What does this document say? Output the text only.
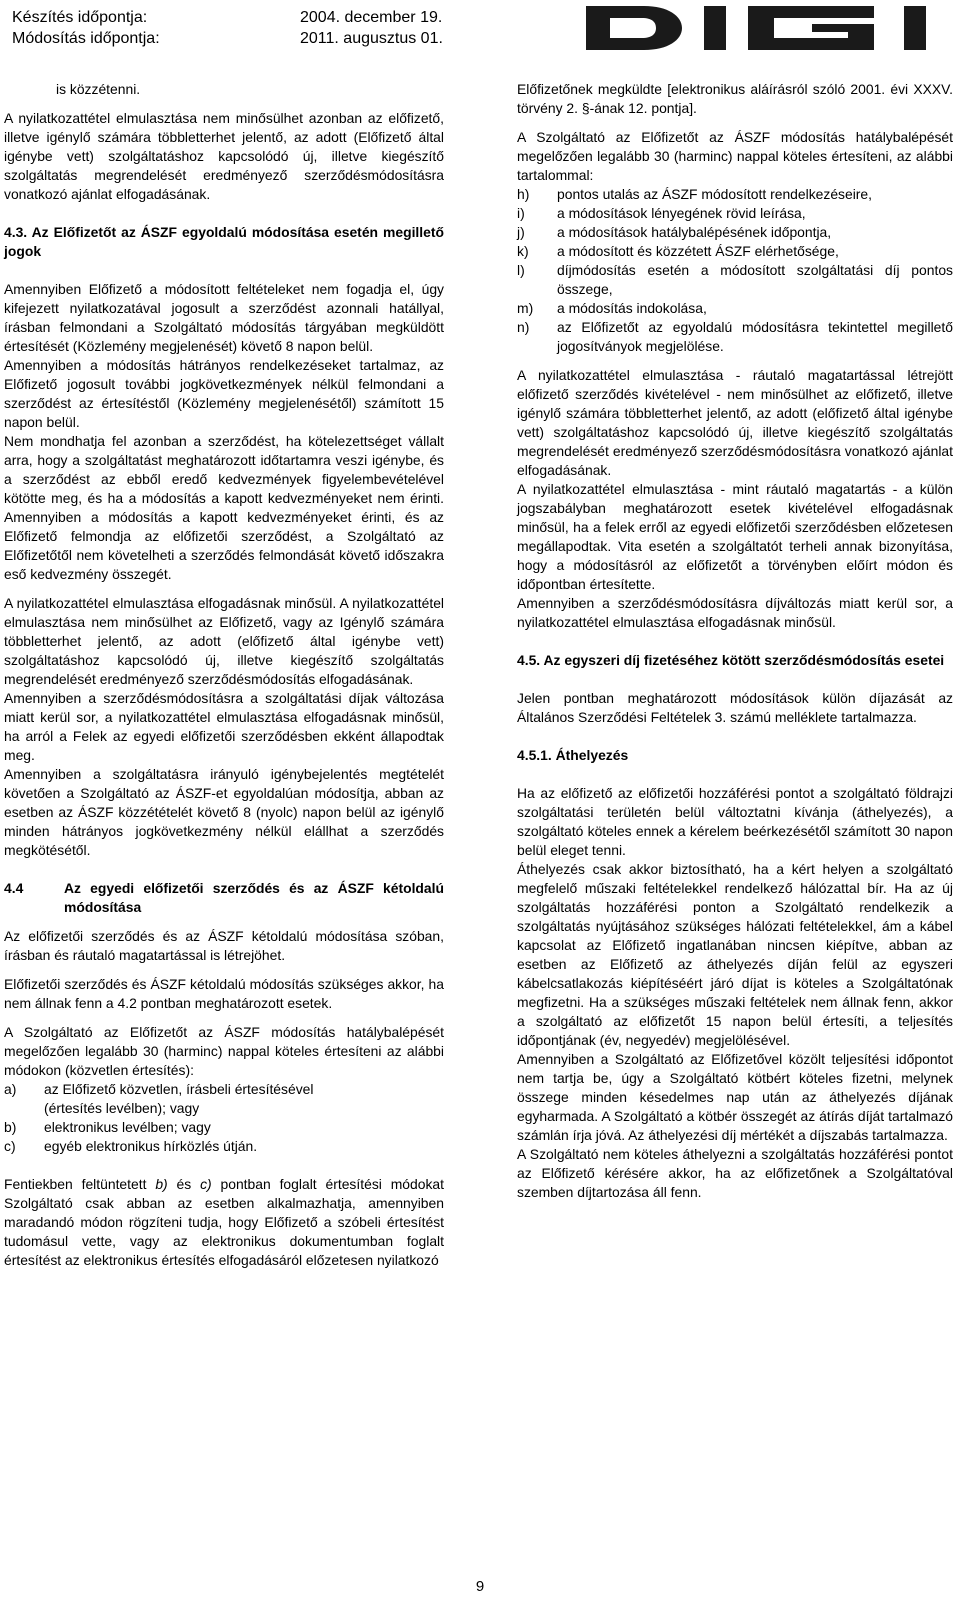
Készítés időpontja:	2004. december 19.
Módosítás időpontja:	2011. augusztus 01.

is közzétenni.

A nyilatkozattétel elmulasztása nem minősülhet azonban az előfizető, illetve igénylő számára többletterhet jelentő, az adott (Előfizető által igénybe vett) szolgáltatáshoz kapcsolódó új, illetve kiegészítő szolgáltatás megrendelését eredményező szerződésmódosításra vonatkozó ajánlat elfogadásának.

4.3. Az Előfizetőt az ÁSZF egyoldalú módosítása esetén megillető jogok

Amennyiben Előfizető a módosított feltételeket nem fogadja el, úgy kifejezett nyilatkozatával jogosult a szerződést azonnali hatállyal, írásban felmondani a Szolgáltató módosítás tárgyában megküldött értesítését (Közlemény megjelenését) követő 8 napon belül.

Amennyiben a módosítás hátrányos rendelkezéseket tartalmaz, az Előfizető jogosult további jogkövetkezmények nélkül felmondani a szerződést az értesítéstől (Közlemény megjelenésétől) számított 15 napon belül.

Nem mondhatja fel azonban a szerződést, ha kötelezettséget vállalt arra, hogy a szolgáltatást meghatározott időtartamra veszi igénybe, és a szerződést az ebből eredő kedvezmények figyelembevételével kötötte meg, és ha a módosítás a kapott kedvezményeket nem érinti. Amennyiben a módosítás a kapott kedvezményeket érinti, és az Előfizető felmondja az előfizetői szerződést, a Szolgáltató az Előfizetőtől nem követelheti a szerződés felmondását követő időszakra eső kedvezmény összegét.

A nyilatkozattétel elmulasztása elfogadásnak minősül. A nyilatkozattétel elmulasztása nem minősülhet az Előfizető, vagy az Igénylő számára többletterhet jelentő, az adott (előfizető által igénybe vett) szolgáltatáshoz kapcsolódó új, illetve kiegészítő szolgáltatás megrendelését eredményező szerződésmódosítás elfogadásának.

Amennyiben a szerződésmódosításra a szolgáltatási díjak változása miatt kerül sor, a nyilatkozattétel elmulasztása elfogadásnak minősül, ha arról a Felek az egyedi előfizetői szerződésben ekként állapodtak meg.

Amennyiben a szolgáltatásra irányuló igénybejelentés megtételét követően a Szolgáltató az ÁSZF-et egyoldalúan módosítja, abban az esetben az ÁSZF közzétételét követő 8 (nyolc) napon belül az igénylő minden hátrányos jogkövetkezmény nélkül elállhat a szerződés megkötésétől.

4.4	Az egyedi előfizetői szerződés és az ÁSZF kétoldalú módosítása

Az előfizetői szerződés és az ÁSZF kétoldalú módosítása szóban, írásban és ráutaló magatartással is létrejöhet.

Előfizetői szerződés és ÁSZF kétoldalú módosítás szükséges akkor, ha nem állnak fenn a 4.2 pontban meghatározott esetek.

A Szolgáltató az Előfizetőt az ÁSZF módosítás hatálybalépését megelőzően legalább 30 (harminc) nappal köteles értesíteni az alábbi módokon (közvetlen értesítés):

a)	az Előfizető közvetlen, írásbeli értesítésével
(értesítés levélben); vagy
b)	elektronikus levélben; vagy
c)	egyéb elektronikus hírközlés útján.

Fentiekben feltüntetett b) és c) pontban foglalt értesítési módokat Szolgáltató csak abban az esetben alkalmazhatja, amennyiben maradandó módon rögzíteni tudja, hogy Előfizető a szóbeli értesítést tudomásul vette, vagy az elektronikus dokumentumban foglalt értesítést az elektronikus értesítés elfogadásáról előzetesen nyilatkozó

Előfizetőnek megküldte [elektronikus aláírásról szóló 2001. évi XXXV. törvény 2. §-ának 12. pontja].

A Szolgáltató az Előfizetőt az ÁSZF módosítás hatálybalépését megelőzően legalább 30 (harminc) nappal köteles értesíteni, az alábbi tartalommal:

h)	pontos utalás az ÁSZF módosított rendelkezéseire,
i)	a módosítások lényegének rövid leírása,
j)	a módosítások hatálybalépésének időpontja,
k)	a módosított és közzétett ÁSZF elérhetősége,
l)	díjmódosítás esetén a módosított szolgáltatási díj pontos összege,
m)	a módosítás indokolása,
n)	az Előfizetőt az egyoldalú módosításra tekintettel megillető jogosítványok megjelölése.

A nyilatkozattétel elmulasztása - ráutaló magatartással létrejött előfizető szerződés kivételével - nem minősülhet az előfizető, illetve igénylő számára többletterhet jelentő, az adott (előfizető által igénybe vett) szolgáltatáshoz kapcsolódó új, illetve kiegészítő szolgáltatás megrendelését eredményező szerződésmódosításra vonatkozó ajánlat elfogadásának.

A nyilatkozattétel elmulasztása - mint ráutaló magatartás - a külön jogszabályban meghatározott esetek kivételével elfogadásnak minősül, ha a felek erről az egyedi előfizetői szerződésben előzetesen megállapodtak. Vita esetén a szolgáltatót terheli annak bizonyítása, hogy a módosításról az előfizetőt a törvényben előírt módon és időpontban értesítette.

Amennyiben a szerződésmódosításra díjváltozás miatt kerül sor, a nyilatkozattétel elmulasztása elfogadásnak minősül.

4.5. Az egyszeri díj fizetéséhez kötött szerződésmódosítás esetei

Jelen pontban meghatározott módosítások külön díjazását az Általános Szerződési Feltételek 3. számú melléklete tartalmazza.

4.5.1. Áthelyezés

Ha az előfizető az előfizetői hozzáférési pontot a szolgáltató földrajzi szolgáltatási területén belül változtatni kívánja (áthelyezés), a szolgáltató köteles ennek a kérelem beérkezésétől számított 30 napon belül eleget tenni.

Áthelyezés csak akkor biztosítható, ha a kért helyen a szolgáltató megfelelő műszaki feltételekkel rendelkező hálózattal bír. Ha az új szolgáltatás hozzáférési ponton a Szolgáltató rendelkezik a szolgáltatás nyújtásához szükséges hálózati feltételekkel, ám a kábel kapcsolat az Előfizető ingatlanában nincsen kiépítve, abban az esetben az Előfizető az áthelyezés díján felül az egyszeri kábelcsatlakozás kiépítéséért járó díjat is köteles a Szolgáltatónak megfizetni. Ha a szükséges műszaki feltételek nem állnak fenn, akkor a szolgáltató az előfizetőt 15 napon belül értesíti, a teljesítés időpontjának (év, negyedév) megjelölésével.

Amennyiben a Szolgáltató az Előfizetővel közölt teljesítési időpontot nem tartja be, úgy a Szolgáltató kötbért köteles fizetni, melynek összege minden késedelmes nap után az áthelyezés díjának egyharmada. A Szolgáltató a kötbér összegét az átírás díját tartalmazó számlán írja jóvá. Az áthelyezési díj mértékét a díjszabás tartalmazza.

A Szolgáltató nem köteles áthelyezni a szolgáltatás hozzáférési pontot az Előfizető kérésére akkor, ha az előfizetőnek a Szolgáltatóval szemben díjtartozása áll fenn.

9
